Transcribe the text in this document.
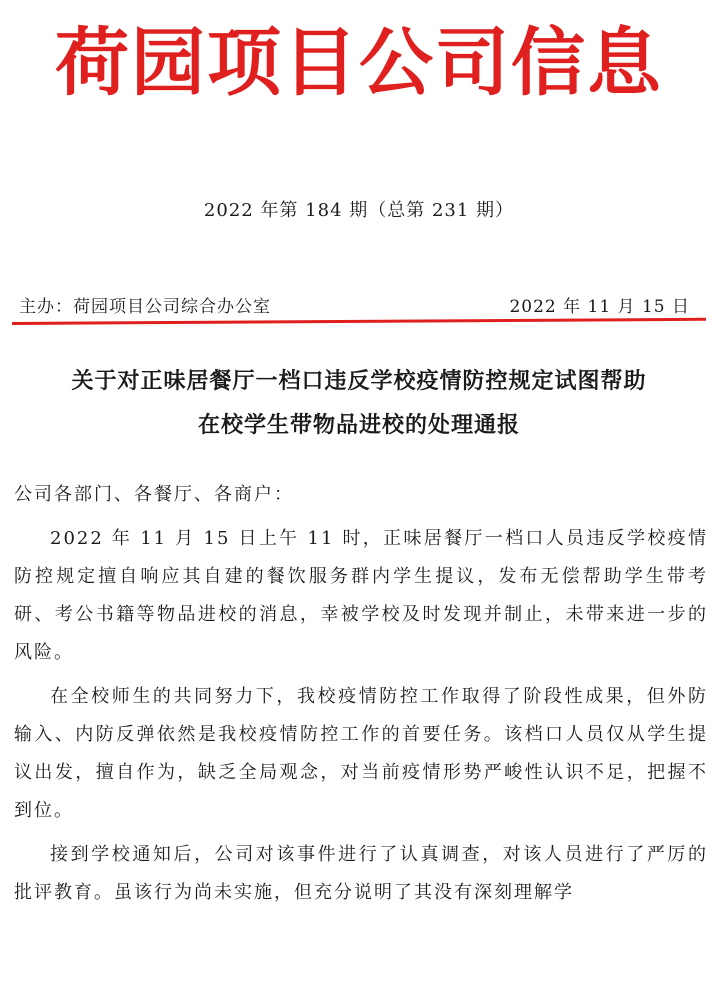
荷园项目公司信息
2022 年第 184 期（总第 231 期）
主办：荷园项目公司综合办公室	2022 年 11 月 15 日
关于对正味居餐厅一档口违反学校疫情防控规定试图帮助
在校学生带物品进校的处理通报

公司各部门、各餐厅、各商户：

2022 年 11 月 15 日上午 11 时，正味居餐厅一档口人员违反学校疫情防控规定擅自响应其自建的餐饮服务群内学生提议，发布无偿帮助学生带考研、考公书籍等物品进校的消息，幸被学校及时发现并制止，未带来进一步的风险。

在全校师生的共同努力下，我校疫情防控工作取得了阶段性成果，但外防输入、内防反弹依然是我校疫情防控工作的首要任务。该档口人员仅从学生提议出发，擅自作为，缺乏全局观念，对当前疫情形势严峻性认识不足，把握不到位。

接到学校通知后，公司对该事件进行了认真调查，对该人员进行了严厉的批评教育。虽该行为尚未实施，但充分说明了其没有深刻理解学
